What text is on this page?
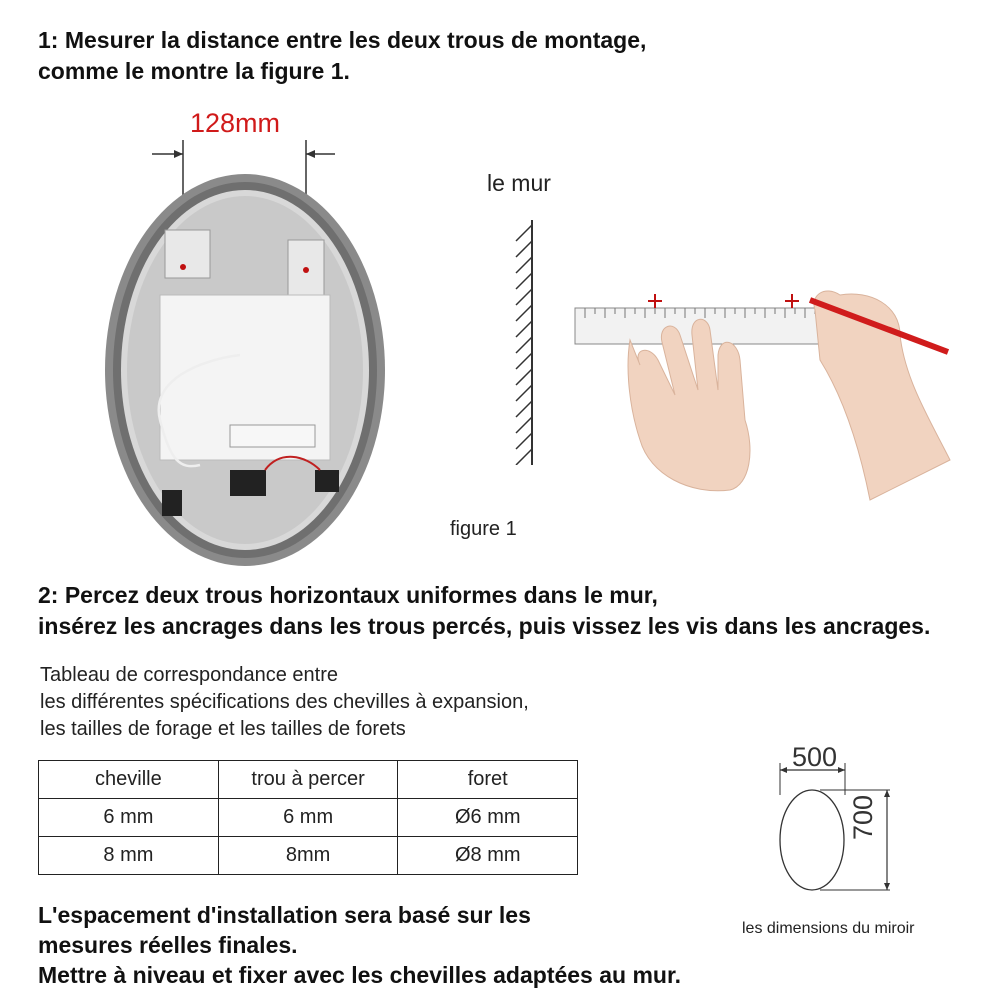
1: Mesurer la distance entre les deux trous de montage,
comme le montre la figure 1.
128mm
le mur
figure 1
2: Percez deux trous horizontaux uniformes dans le mur,
insérez les ancrages dans les trous percés, puis vissez les vis dans les ancrages.
Tableau de correspondance entre
les différentes spécifications des chevilles à expansion,
les tailles de forage et les tailles de forets
cheville	trou à percer	foret
6 mm	6 mm	Ø6 mm
8 mm	8mm	Ø8 mm
500
700
les dimensions du miroir
L'espacement d'installation sera basé sur les
mesures réelles finales.
Mettre à niveau et fixer avec les chevilles adaptées au mur.
